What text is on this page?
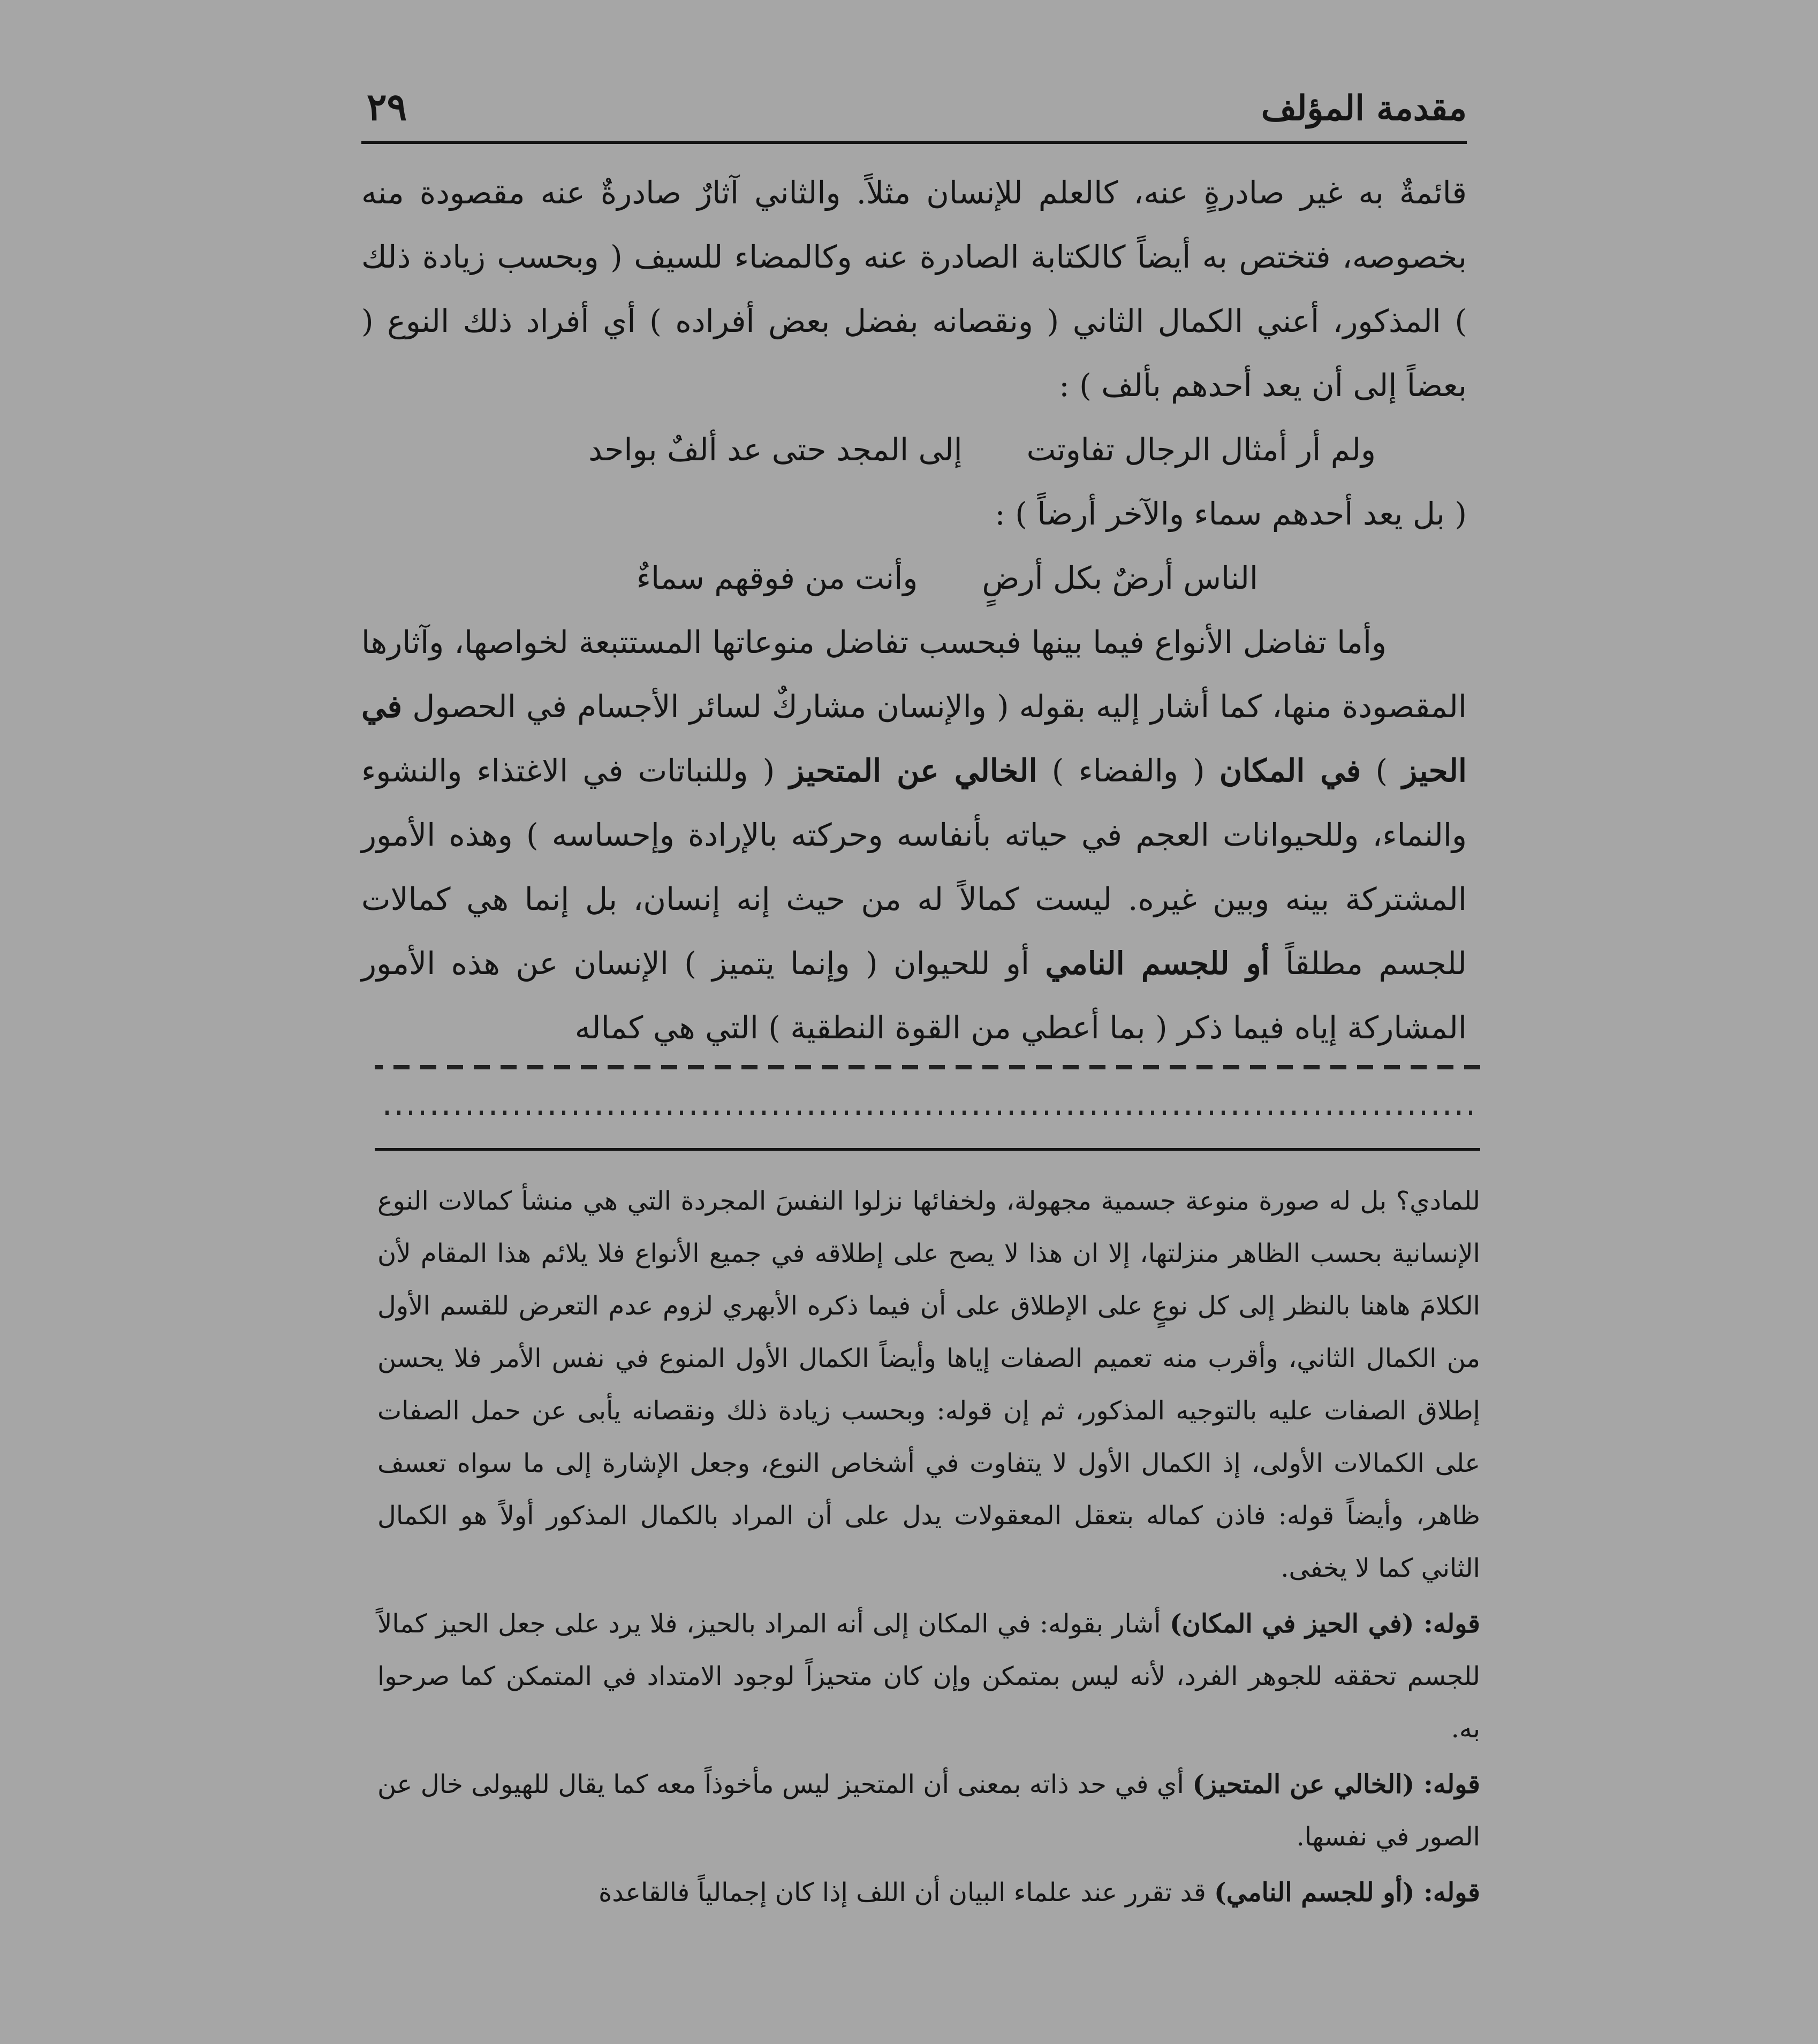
مقدمة المؤلف
٢٩

قائمةٌ به غير صادرةٍ عنه، كالعلم للإنسان مثلاً. والثاني آثارٌ صادرةٌ عنه مقصودة منه بخصوصه، فتختص به أيضاً كالكتابة الصادرة عنه وكالمضاء للسيف ( وبحسب زيادة ذلك ) المذكور، أعني الكمال الثاني ( ونقصانه بفضل بعض أفراده ) أي أفراد ذلك النوع ( بعضاً إلى أن يعد أحدهم بألف ) :

ولم أر أمثال الرجال تفاوتت
إلى المجد حتى عد ألفٌ بواحد

( بل يعد أحدهم سماء والآخر أرضاً ) :

الناس أرضٌ بكل أرضٍ
وأنت من فوقهم سماءٌ

وأما تفاضل الأنواع فيما بينها فبحسب تفاضل منوعاتها المستتبعة لخواصها، وآثارها المقصودة منها، كما أشار إليه بقوله ( والإنسان مشاركٌ لسائر الأجسام في الحصول في الحيز ) في المكان ( والفضاء ) الخالي عن المتحيز ( وللنباتات في الاغتذاء والنشوء والنماء، وللحيوانات العجم في حياته بأنفاسه وحركته بالإرادة وإحساسه ) وهذه الأمور المشتركة بينه وبين غيره. ليست كمالاً له من حيث إنه إنسان، بل إنما هي كمالات للجسم مطلقاً أو للجسم النامي أو للحيوان ( وإنما يتميز ) الإنسان عن هذه الأمور المشاركة إياه فيما ذكر ( بما أعطي من القوة النطقية ) التي هي كماله

للمادي؟ بل له صورة منوعة جسمية مجهولة، ولخفائها نزلوا النفسَ المجردة التي هي منشأ كمالات النوع الإنسانية بحسب الظاهر منزلتها، إلا ان هذا لا يصح على إطلاقه في جميع الأنواع فلا يلائم هذا المقام لأن الكلامَ هاهنا بالنظر إلى كل نوعٍ على الإطلاق على أن فيما ذكره الأبهري لزوم عدم التعرض للقسم الأول من الكمال الثاني، وأقرب منه تعميم الصفات إياها وأيضاً الكمال الأول المنوع في نفس الأمر فلا يحسن إطلاق الصفات عليه بالتوجيه المذكور، ثم إن قوله: وبحسب زيادة ذلك ونقصانه يأبى عن حمل الصفات على الكمالات الأولى، إذ الكمال الأول لا يتفاوت في أشخاص النوع، وجعل الإشارة إلى ما سواه تعسف ظاهر، وأيضاً قوله: فاذن كماله بتعقل المعقولات يدل على أن المراد بالكمال المذكور أولاً هو الكمال الثاني كما لا يخفى.

قوله: (في الحيز في المكان) أشار بقوله: في المكان إلى أنه المراد بالحيز، فلا يرد على جعل الحيز كمالاً للجسم تحققه للجوهر الفرد، لأنه ليس بمتمكن وإن كان متحيزاً لوجود الامتداد في المتمكن كما صرحوا به.

قوله: (الخالي عن المتحيز) أي في حد ذاته بمعنى أن المتحيز ليس مأخوذاً معه كما يقال للهيولى خال عن الصور في نفسها.

قوله: (أو للجسم النامي) قد تقرر عند علماء البيان أن اللف إذا كان إجمالياً فالقاعدة
